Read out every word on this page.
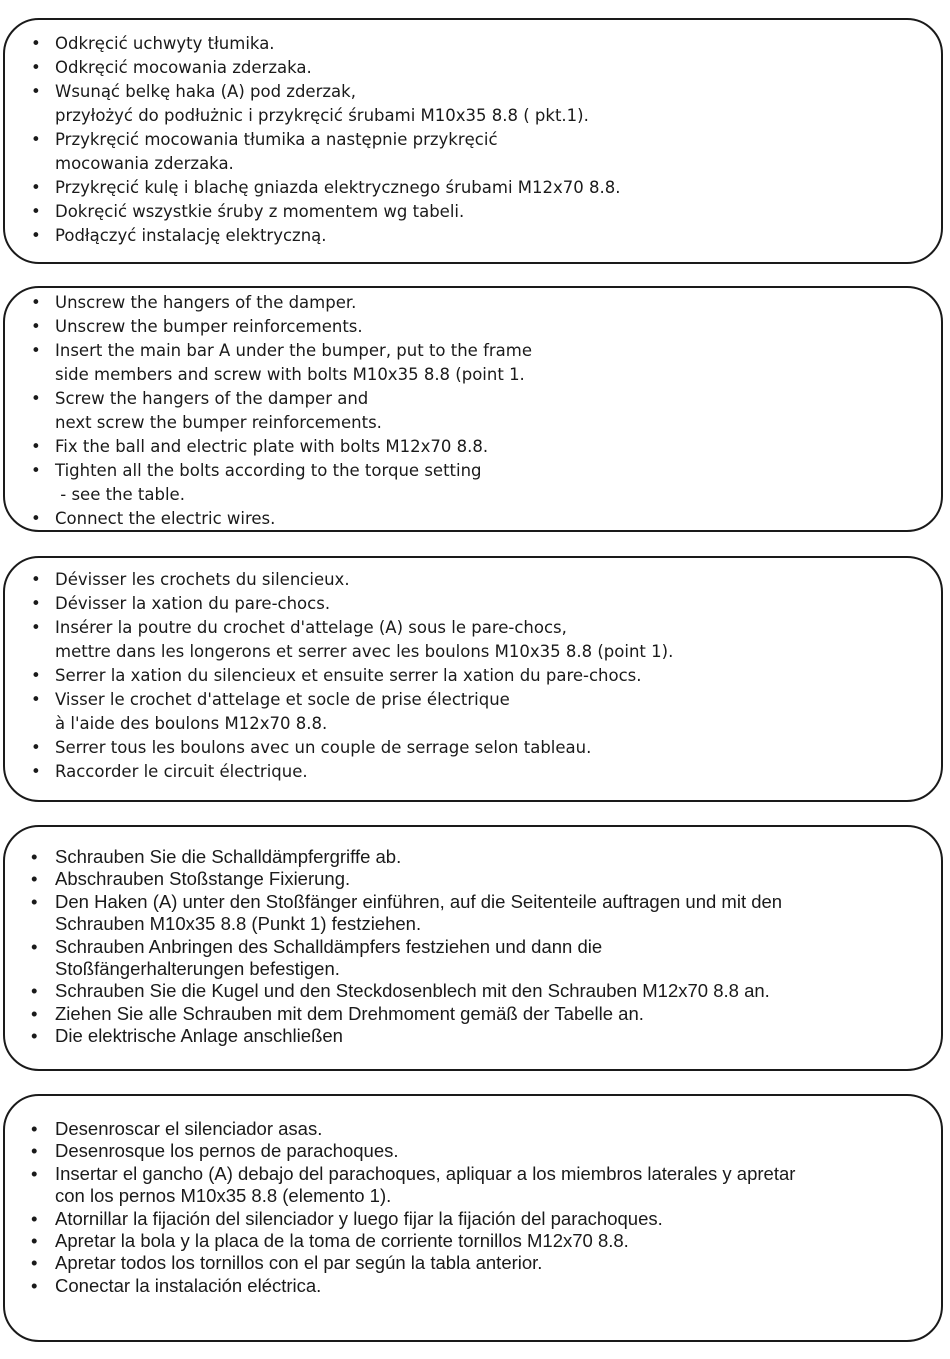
• Odkręcić uchwyty tłumika.
• Odkręcić mocowania zderzaka.
• Wsunąć belkę haka (A) pod zderzak,
przyłożyć do podłużnic i przykręcić śrubami M10x35 8.8 ( pkt.1).
• Przykręcić mocowania tłumika a następnie przykręcić
mocowania zderzaka.
• Przykręcić kulę i blachę gniazda elektrycznego śrubami M12x70 8.8.
• Dokręcić wszystkie śruby z momentem wg tabeli.
• Podłączyć instalację elektryczną.
• Unscrew the hangers of the damper.
• Unscrew the bumper reinforcements.
• Insert the main bar A under the bumper, put to the frame
side members and screw with bolts M10x35 8.8 (point 1.
• Screw the hangers of the damper and
next screw the bumper reinforcements.
• Fix the ball and electric plate with bolts M12x70 8.8.
• Tighten all the bolts according to the torque setting
- see the table.
• Connect the electric wires.
• Dévisser les crochets du silencieux.
• Dévisser la xation du pare-chocs.
• Insérer la poutre du crochet d'attelage (A) sous le pare-chocs,
mettre dans les longerons et serrer avec les boulons M10x35 8.8 (point 1).
• Serrer la xation du silencieux et ensuite serrer la xation du pare-chocs.
• Visser le crochet d'attelage et socle de prise électrique
à l'aide des boulons M12x70 8.8.
• Serrer tous les boulons avec un couple de serrage selon tableau.
• Raccorder le circuit électrique.
• Schrauben Sie die Schalldämpfergriffe ab.
• Abschrauben Stoßstange Fixierung.
• Den Haken (A) unter den Stoßfänger einführen, auf die Seitenteile auftragen und mit den
Schrauben M10x35 8.8 (Punkt 1) festziehen.
• Schrauben Anbringen des Schalldämpfers festziehen und dann die
Stoßfängerhalterungen befestigen.
• Schrauben Sie die Kugel und den Steckdosenblech mit den Schrauben M12x70 8.8 an.
• Ziehen Sie alle Schrauben mit dem Drehmoment gemäß der Tabelle an.
• Die elektrische Anlage anschließen
• Desenroscar el silenciador asas.
• Desenrosque los pernos de parachoques.
• Insertar el gancho (A) debajo del parachoques, apliquar a los miembros laterales y apretar
con los pernos M10x35 8.8 (elemento 1).
• Atornillar la fijación del silenciador y luego fijar la fijación del parachoques.
• Apretar la bola y la placa de la toma de corriente tornillos M12x70 8.8.
• Apretar todos los tornillos con el par según la tabla anterior.
• Conectar la instalación eléctrica.
